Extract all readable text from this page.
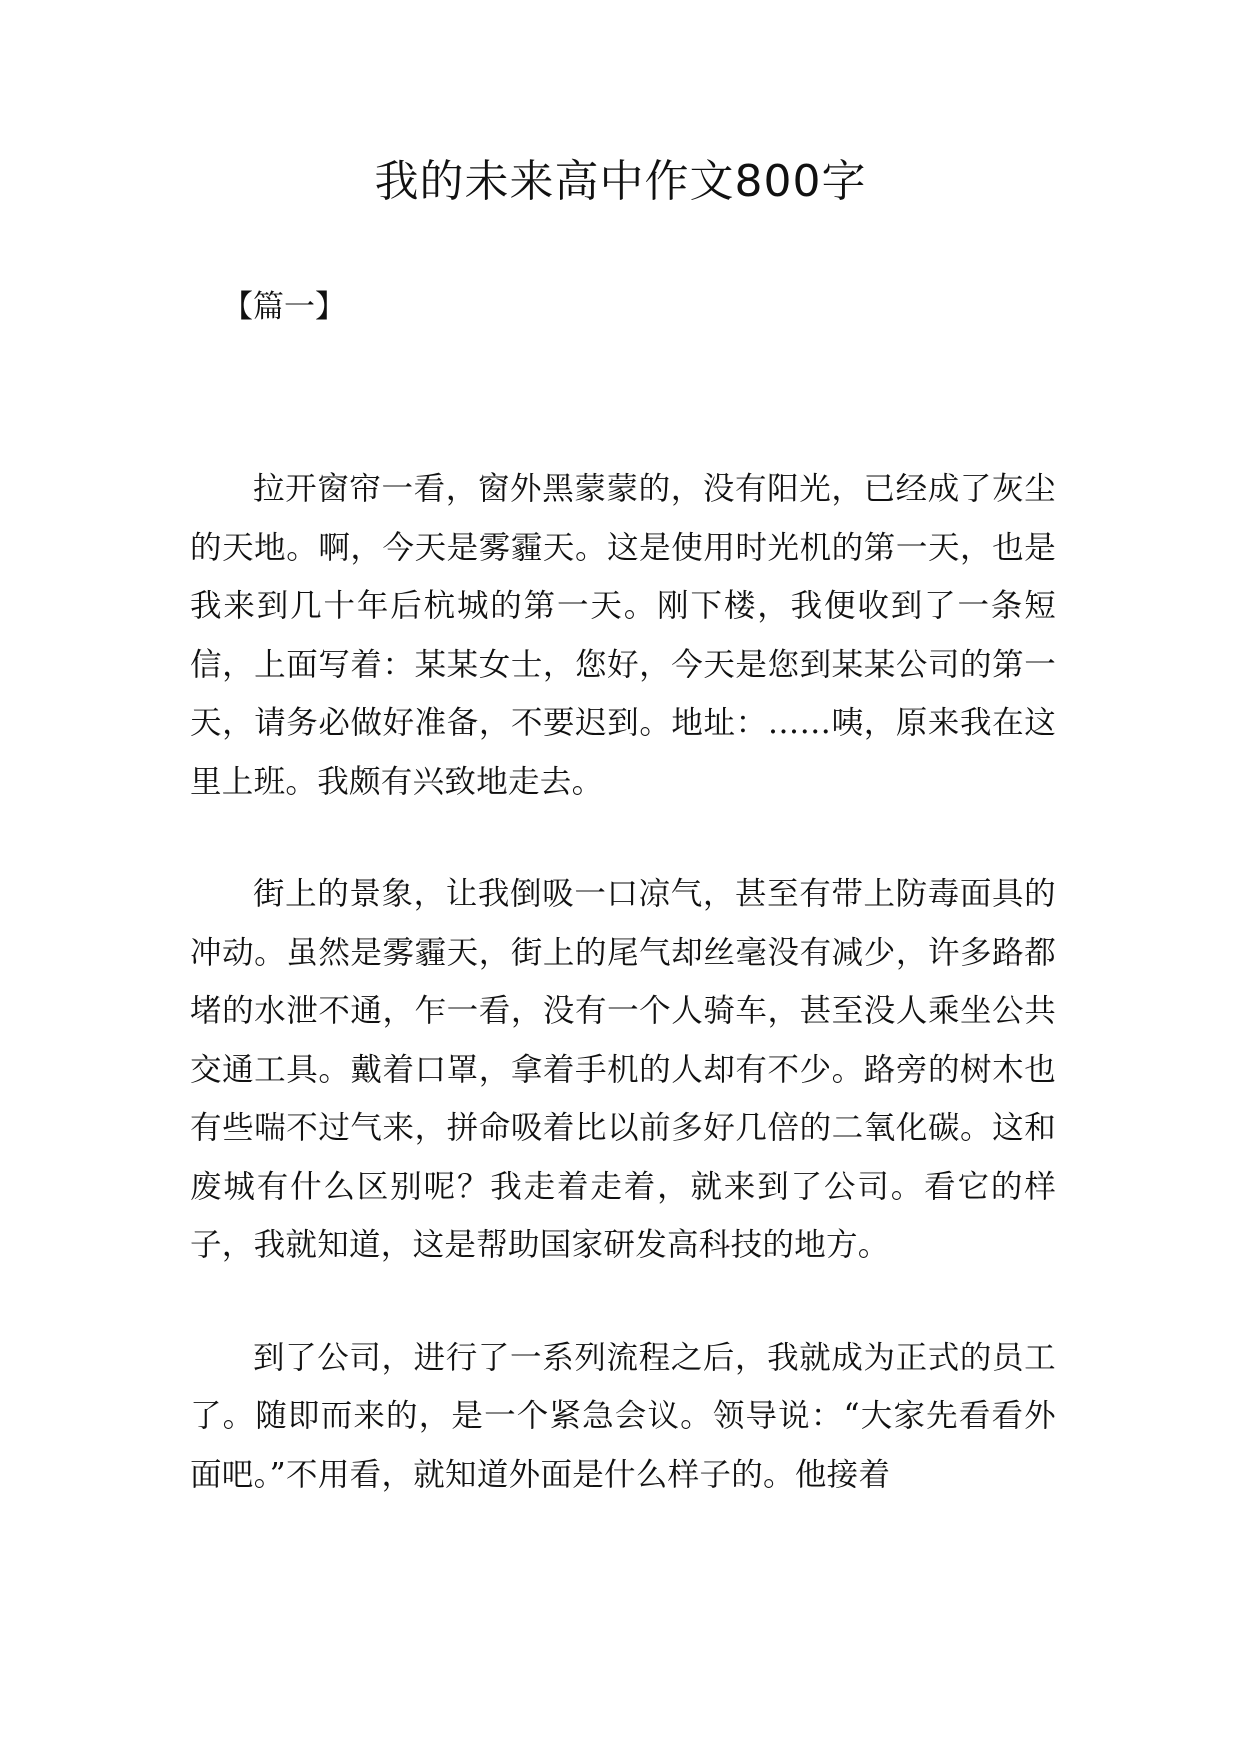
我的未来高中作文800字

【篇一】

拉开窗帘一看，窗外黑蒙蒙的，没有阳光，已经成了灰尘的天地。啊，今天是雾霾天。这是使用时光机的第一天，也是我来到几十年后杭城的第一天。刚下楼，我便收到了一条短信，上面写着：某某女士，您好，今天是您到某某公司的第一天，请务必做好准备，不要迟到。地址：……咦，原来我在这里上班。我颇有兴致地走去。

街上的景象，让我倒吸一口凉气，甚至有带上防毒面具的冲动。虽然是雾霾天，街上的尾气却丝毫没有减少，许多路都堵的水泄不通，乍一看，没有一个人骑车，甚至没人乘坐公共交通工具。戴着口罩，拿着手机的人却有不少。路旁的树木也有些喘不过气来，拼命吸着比以前多好几倍的二氧化碳。这和废城有什么区别呢？我走着走着，就来到了公司。看它的样子，我就知道，这是帮助国家研发高科技的地方。

到了公司，进行了一系列流程之后，我就成为正式的员工了。随即而来的，是一个紧急会议。领导说：“大家先看看外面吧。”不用看，就知道外面是什么样子的。他接着
